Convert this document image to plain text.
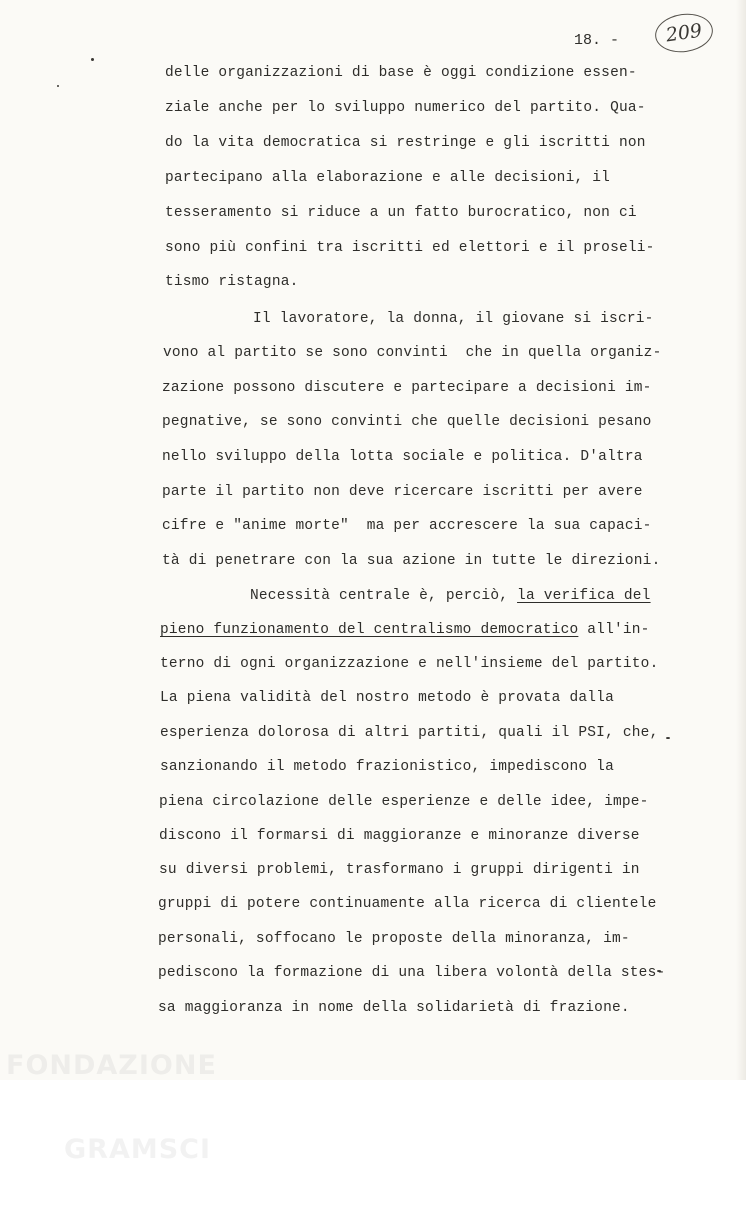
18. -	209
delle organizzazioni di base è oggi condizione essen-
ziale anche per lo sviluppo numerico del partito. Qua-
do la vita democratica si restringe e gli iscritti non
partecipano alla elaborazione e alle decisioni, il
tesseramento si riduce a un fatto burocratico, non ci
sono più confini tra iscritti ed elettori e il proseli-
tismo ristagna.
Il lavoratore, la donna, il giovane si iscri-
vono al partito se sono convinti  che in quella organiz-
zazione possono discutere e partecipare a decisioni im-
pegnative, se sono convinti che quelle decisioni pesano
nello sviluppo della lotta sociale e politica. D'altra
parte il partito non deve ricercare iscritti per avere
cifre e "anime morte"  ma per accrescere la sua capaci-
tà di penetrare con la sua azione in tutte le direzioni.
Necessità centrale è, perciò, la verifica del
pieno funzionamento del centralismo democratico all'in-
terno di ogni organizzazione e nell'insieme del partito.
La piena validità del nostro metodo è provata dalla
esperienza dolorosa di altri partiti, quali il PSI, che,
sanzionando il metodo frazionistico, impediscono la
piena circolazione delle esperienze e delle idee, impe-
discono il formarsi di maggioranze e minoranze diverse
su diversi problemi, trasformano i gruppi dirigenti in
gruppi di potere continuamente alla ricerca di clientele
personali, soffocano le proposte della minoranza, im-
pediscono la formazione di una libera volontà della stes-
sa maggioranza in nome della solidarietà di frazione.

FONDAZIONE

GRAMSCI
